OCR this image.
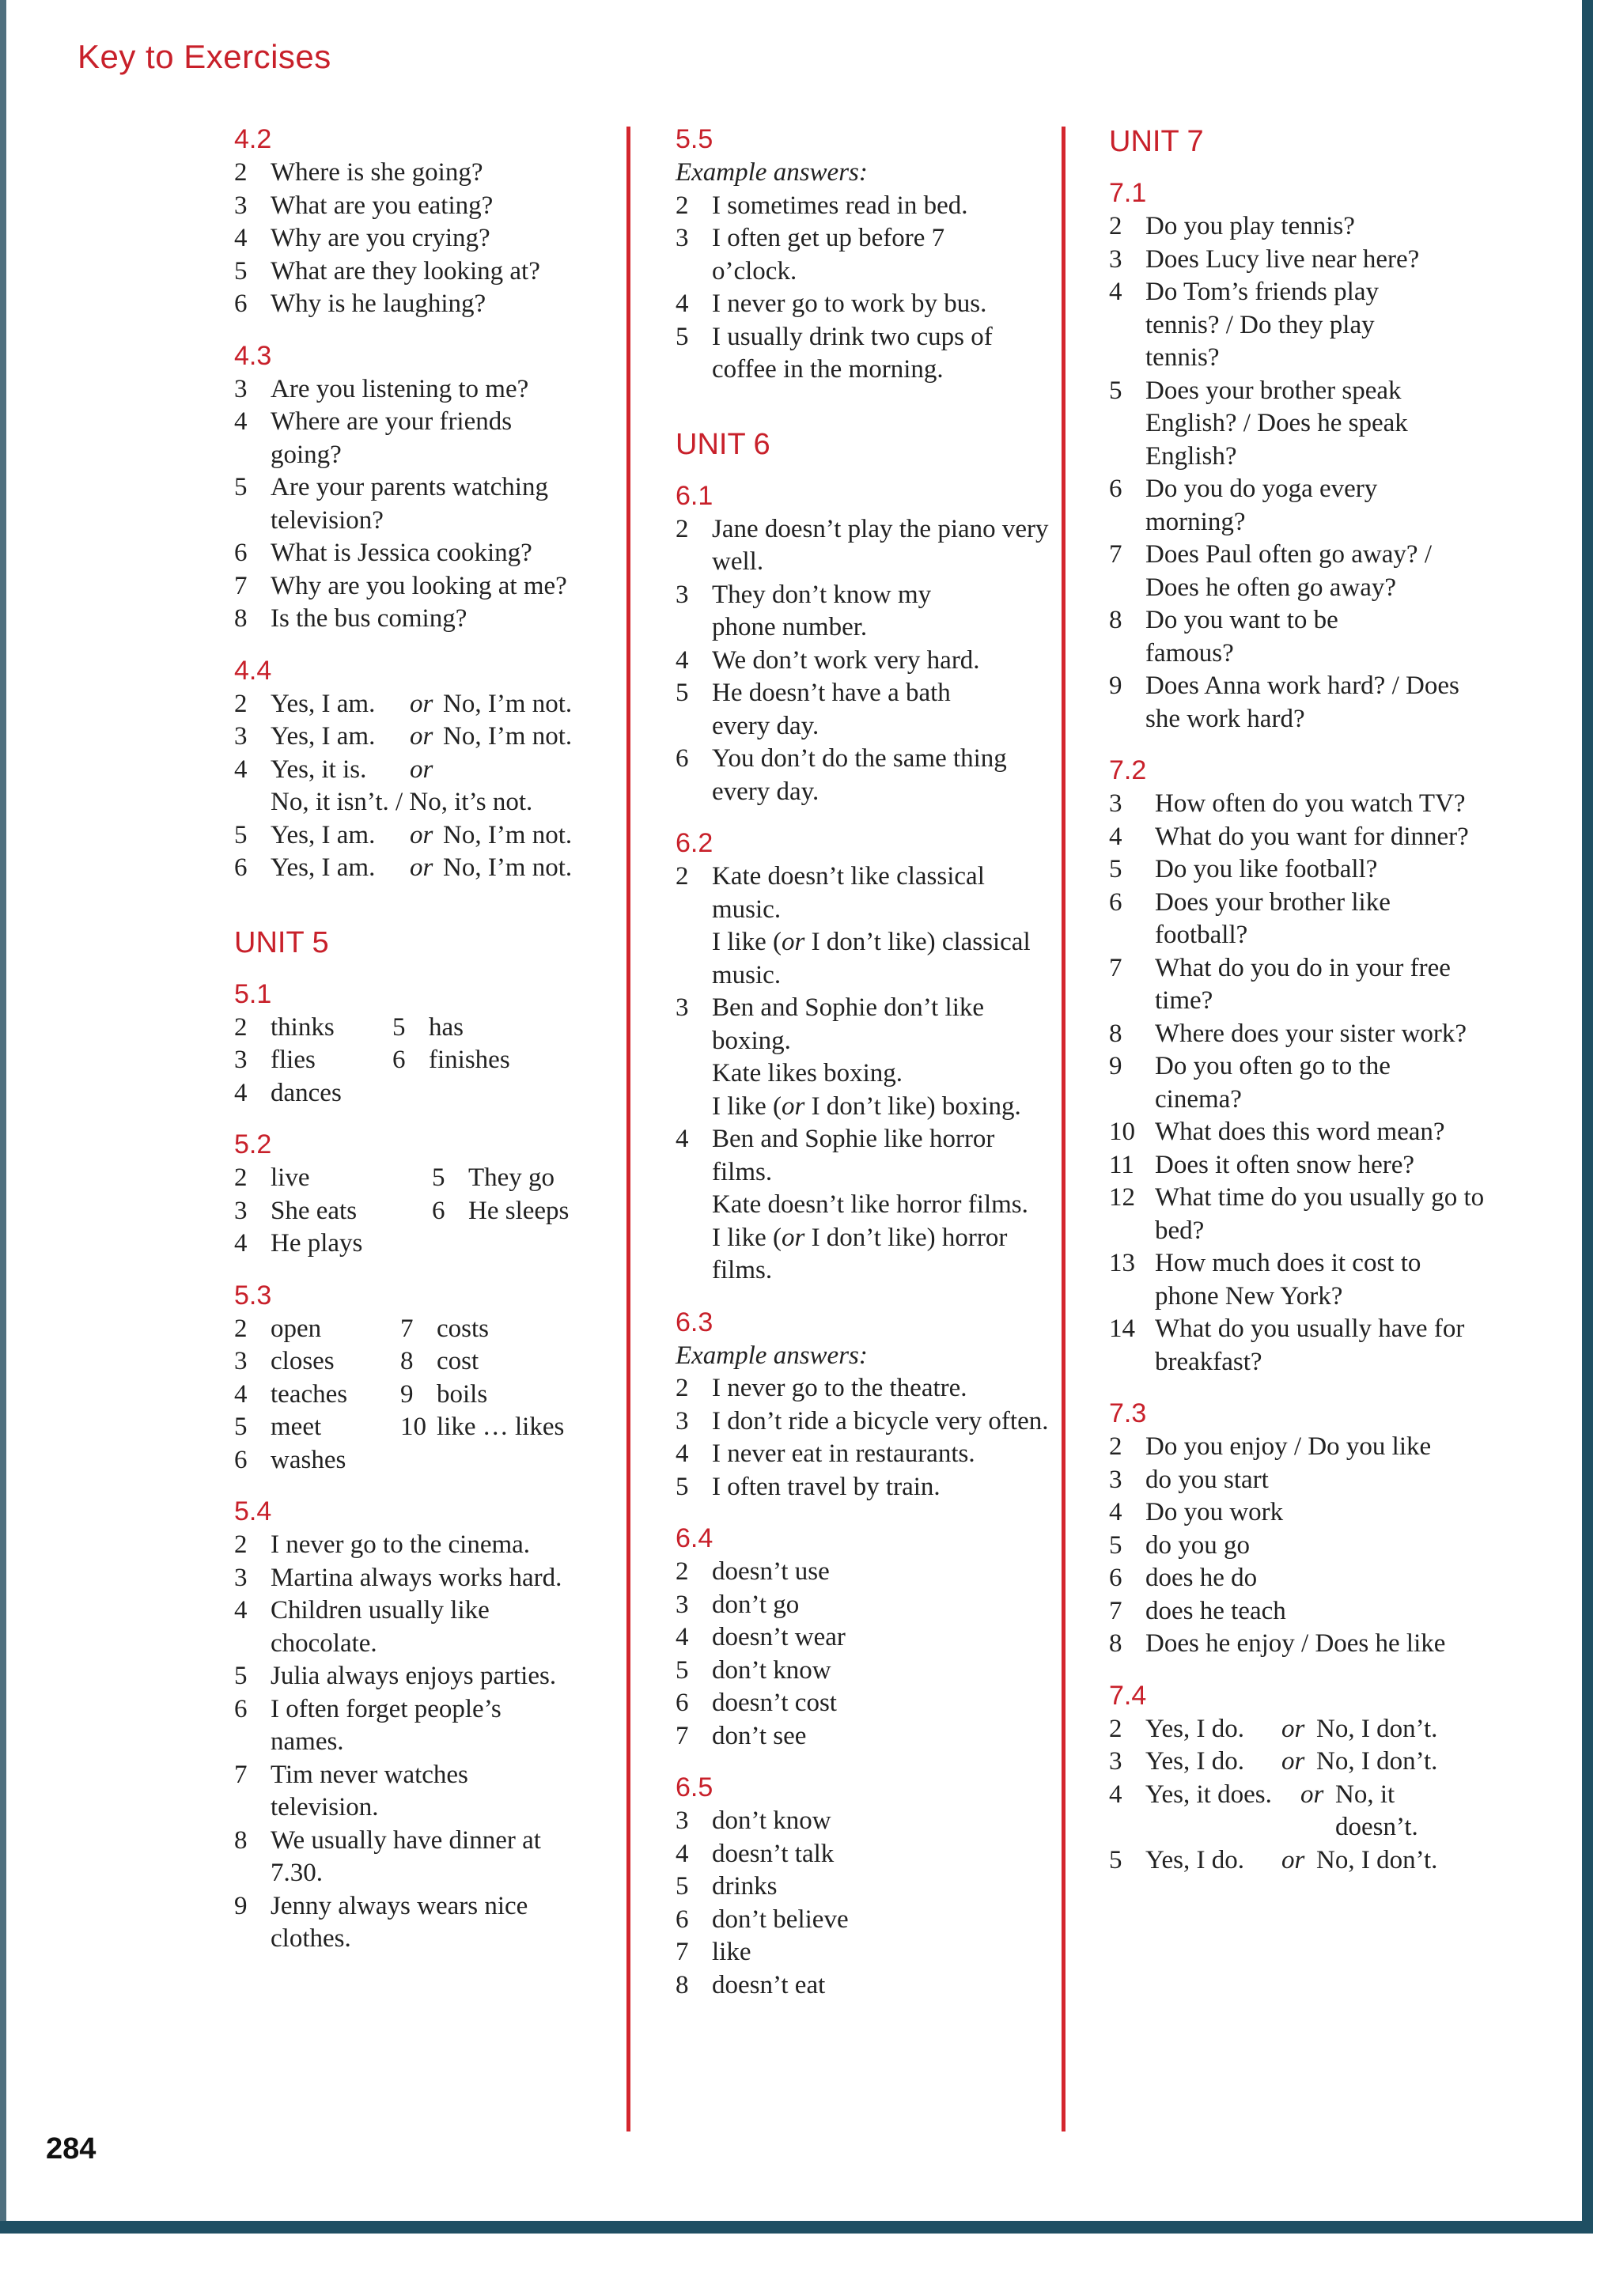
Key to Exercises
284
4.2
2 Where is she going?
3 What are you eating?
4 Why are you crying?
5 What are they looking at?
6 Why is he laughing?
4.3
3 Are you listening to me?
4 Where are your friends going?
5 Are your parents watching television?
6 What is Jessica cooking?
7 Why are you looking at me?
8 Is the bus coming?
4.4
2 Yes, I am.	or No, I’m not.
3 Yes, I am.	or No, I’m not.
4 Yes, it is.	or
No, it isn’t. / No, it’s not.
5 Yes, I am.	or No, I’m not.
6 Yes, I am.	or No, I’m not.
UNIT 5
5.1
2 thinks 5 has
3 flies	6 finishes
4 dances
5.2
2 live	5 They go
3 She eats	6 He sleeps
4 He plays
5.3
2 open	7 costs
3 closes	8 cost
4 teaches 9 boils
5 meet	10 like … likes
6 washes
5.4
2 I never go to the cinema.
3 Martina always works hard.
4 Children usually like chocolate.
5 Julia always enjoys parties.
6 I often forget people’s names.
7 Tim never watches television.
8 We usually have dinner at 7.30.
9 Jenny always wears nice clothes.
5.5
Example answers:
2 I sometimes read in bed.
3 I often get up before 7 o’clock.
4 I never go to work by bus.
5 I usually drink two cups of coffee in the morning.
UNIT 6
6.1
2 Jane doesn’t play the piano very well.
3 They don’t know my phone number.
4 We don’t work very hard.
5 He doesn’t have a bath every day.
6 You don’t do the same thing every day.
6.2
2 Kate doesn’t like classical music.
I like (or I don’t like) classical music.
3 Ben and Sophie don’t like boxing.
Kate likes boxing.
I like (or I don’t like) boxing.
4 Ben and Sophie like horror films.
Kate doesn’t like horror films.
I like (or I don’t like) horror films.
6.3
Example answers:
2 I never go to the theatre.
3 I don’t ride a bicycle very often.
4 I never eat in restaurants.
5 I often travel by train.
6.4
2 doesn’t use
3 don’t go
4 doesn’t wear
5 don’t know
6 doesn’t cost
7 don’t see
6.5
3 don’t know
4 doesn’t talk
5 drinks
6 don’t believe
7 like
8 doesn’t eat
UNIT 7
7.1
2 Do you play tennis?
3 Does Lucy live near here?
4 Do Tom’s friends play tennis? / Do they play tennis?
5 Does your brother speak English? / Does he speak English?
6 Do you do yoga every morning?
7 Does Paul often go away? / Does he often go away?
8 Do you want to be famous?
9 Does Anna work hard? / Does she work hard?
7.2
3	How often do you watch TV?
4	What do you want for dinner?
5	Do you like football?
6	Does your brother like football?
7	What do you do in your free time?
8	Where does your sister work?
9	Do you often go to the cinema?
10 What does this word mean?
11 Does it often snow here?
12 What time do you usually go to bed?
13 How much does it cost to phone New York?
14 What do you usually have for breakfast?
7.3
2 Do you enjoy / Do you like
3 do you start
4 Do you work
5 do you go
6 does he do
7 does he teach
8 Does he enjoy / Does he like
7.4
2 Yes, I do.	or No, I don’t.
3 Yes, I do.	or No, I don’t.
4 Yes, it does.	or No, it doesn’t.
5 Yes, I do.	or No, I don’t.
